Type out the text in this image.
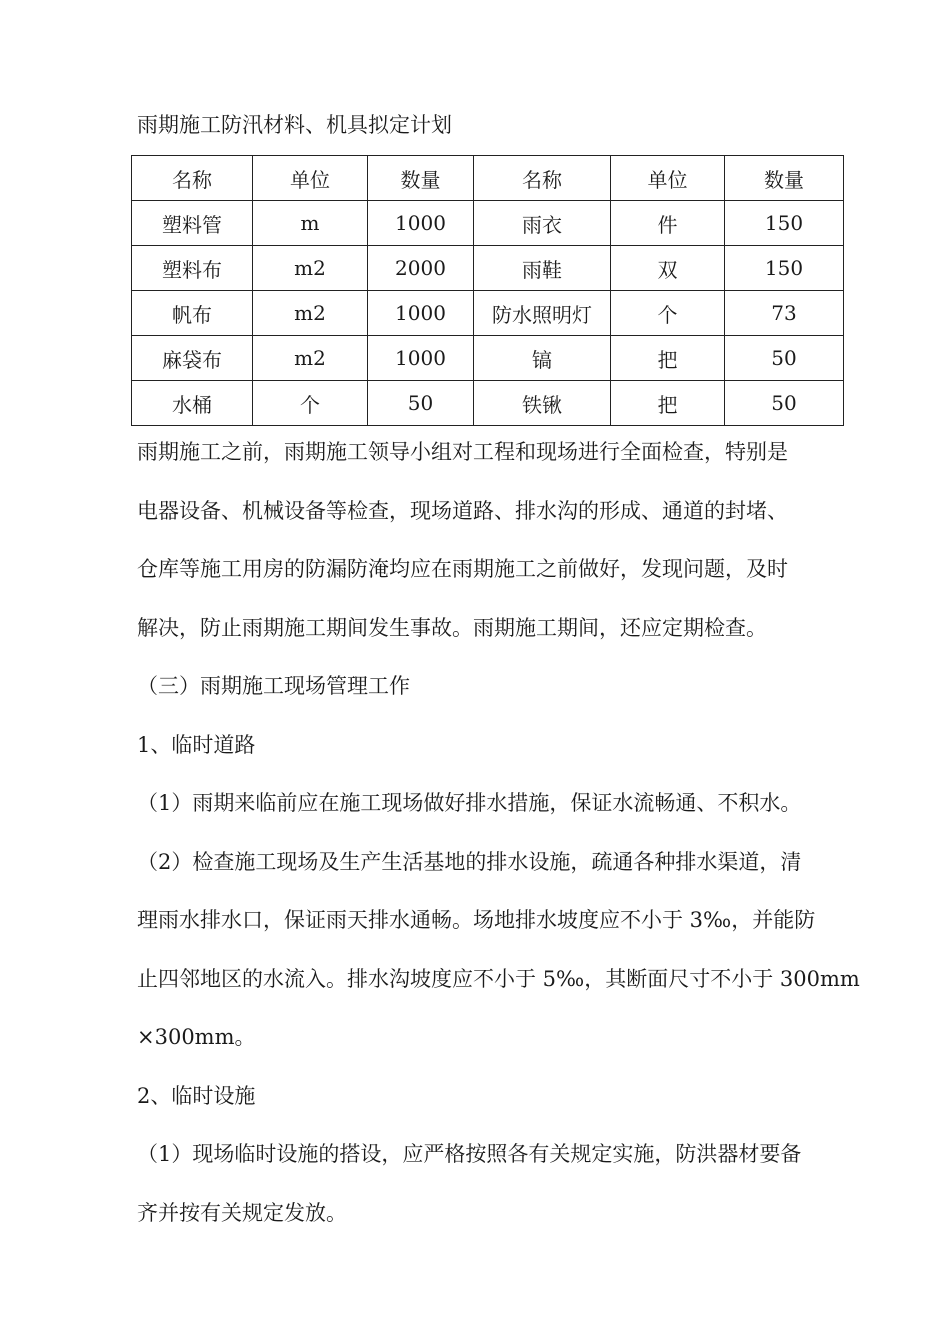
雨期施工防汛材料、机具拟定计划
名称	单位	数量	名称	单位	数量
塑料管	m	1000	雨衣	件	150
塑料布	m2	2000	雨鞋	双	150
帆布	m2	1000	防水照明灯	个	73
麻袋布	m2	1000	镐	把	50
水桶	个	50	铁锹	把	50

雨期施工之前，雨期施工领导小组对工程和现场进行全面检查，特别是

电器设备、机械设备等检查，现场道路、排水沟的形成、通道的封堵、

仓库等施工用房的防漏防淹均应在雨期施工之前做好，发现问题，及时

解决，防止雨期施工期间发生事故。雨期施工期间，还应定期检查。

（三）雨期施工现场管理工作

1、临时道路

（1）雨期来临前应在施工现场做好排水措施，保证水流畅通、不积水。

（2）检查施工现场及生产生活基地的排水设施，疏通各种排水渠道，清

理雨水排水口，保证雨天排水通畅。场地排水坡度应不小于 3‰，并能防

止四邻地区的水流入。排水沟坡度应不小于 5‰，其断面尺寸不小于 300mm

×300mm。

2、临时设施

（1）现场临时设施的搭设，应严格按照各有关规定实施，防洪器材要备

齐并按有关规定发放。
